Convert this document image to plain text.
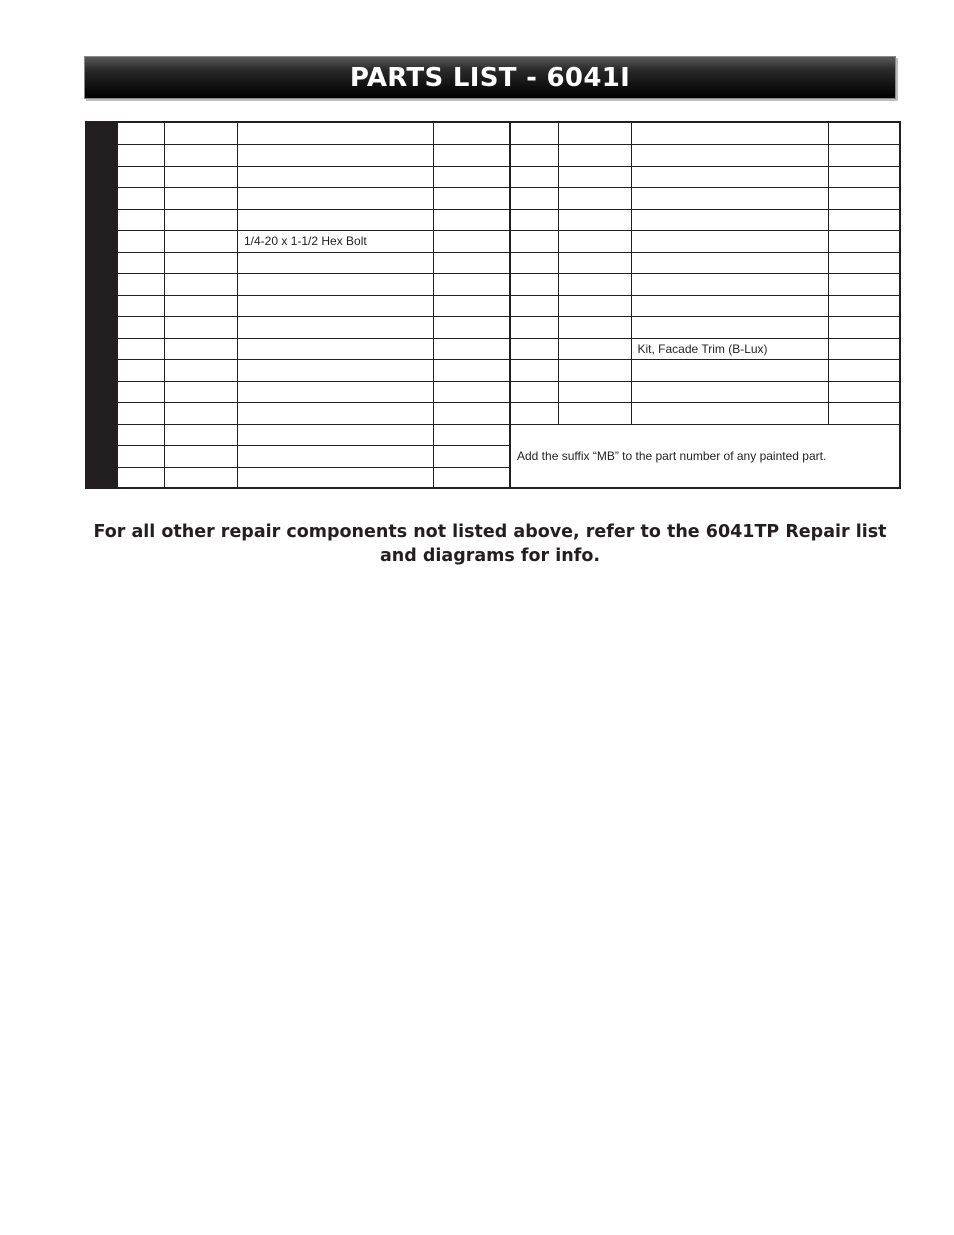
PARTS LIST - 6041I

		1/4-20 x 1-1/2 Hex Bolt	

		Kit, Facade Trim (B-Lux)	

Add the suffix “MB” to the part number of any painted part.
For all other repair components not listed above, refer to the 6041TP Repair list and diagrams for info.
